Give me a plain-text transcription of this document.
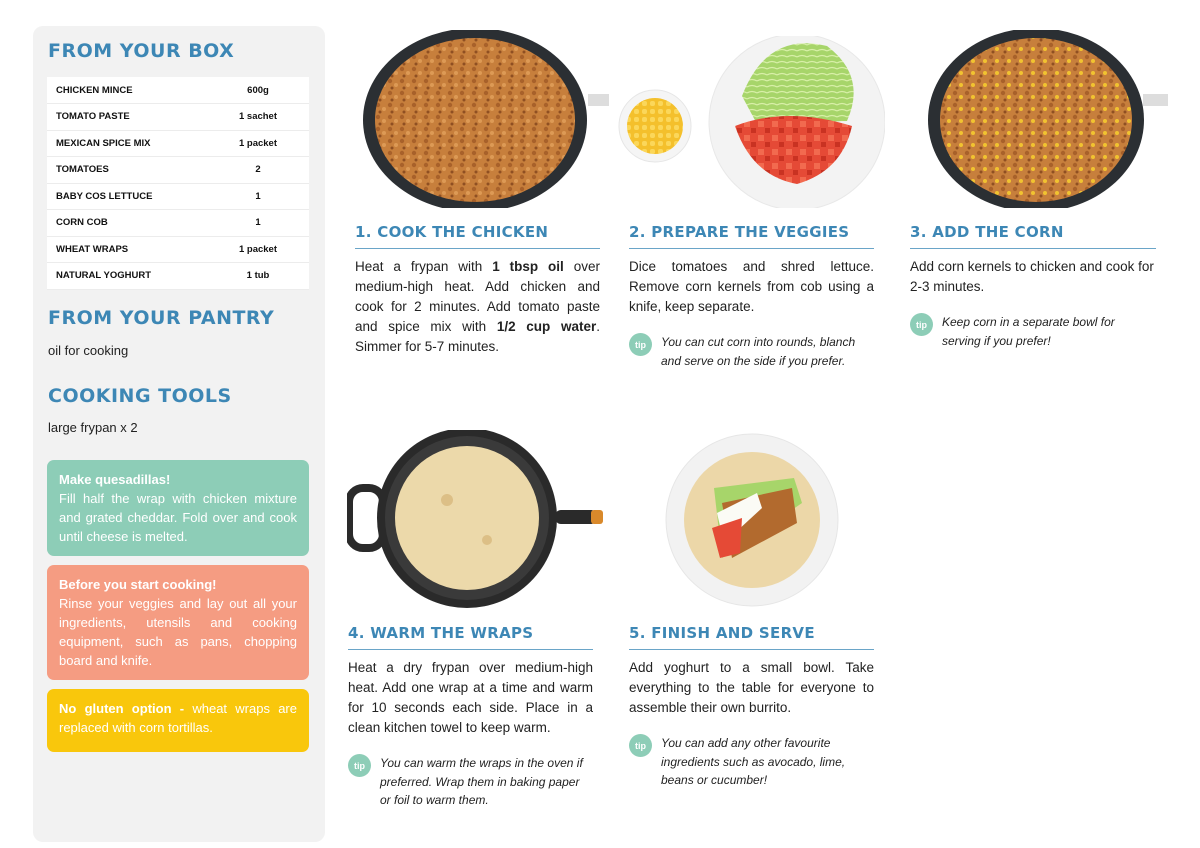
FROM YOUR BOX
CHICKEN MINCE	600g
TOMATO PASTE	1 sachet
MEXICAN SPICE MIX	1 packet
TOMATOES	2
BABY COS LETTUCE	1
CORN COB	1
WHEAT WRAPS	1 packet
NATURAL YOGHURT	1 tub
FROM YOUR PANTRY
oil for cooking
COOKING TOOLS
large frypan x 2
Make quesadillas!
Fill half the wrap with chicken mixture and grated cheddar. Fold over and cook until cheese is melted.
Before you start cooking!
Rinse your veggies and lay out all your ingredients, utensils and cooking equipment, such as pans, chopping board and knife.
No gluten option - wheat wraps are replaced with corn tortillas.
1. COOK THE CHICKEN
Heat a frypan with 1 tbsp oil over medium-high heat. Add chicken and cook for 2 minutes. Add tomato paste and spice mix with 1/2 cup water. Simmer for 5-7 minutes.
2. PREPARE THE VEGGIES
Dice tomatoes and shred lettuce. Remove corn kernels from cob using a knife, keep separate.
tip	You can cut corn into rounds, blanch and serve on the side if you prefer.
3. ADD THE CORN
Add corn kernels to chicken and cook for 2-3 minutes.
tip	Keep corn in a separate bowl for serving if you prefer!
4. WARM THE WRAPS
Heat a dry frypan over medium-high heat. Add one wrap at a time and warm for 10 seconds each side. Place in a clean kitchen towel to keep warm.
tip	You can warm the wraps in the oven if preferred. Wrap them in baking paper or foil to warm them.
5. FINISH AND SERVE
Add yoghurt to a small bowl. Take everything to the table for everyone to assemble their own burrito.
tip	You can add any other favourite ingredients such as avocado, lime, beans or cucumber!
